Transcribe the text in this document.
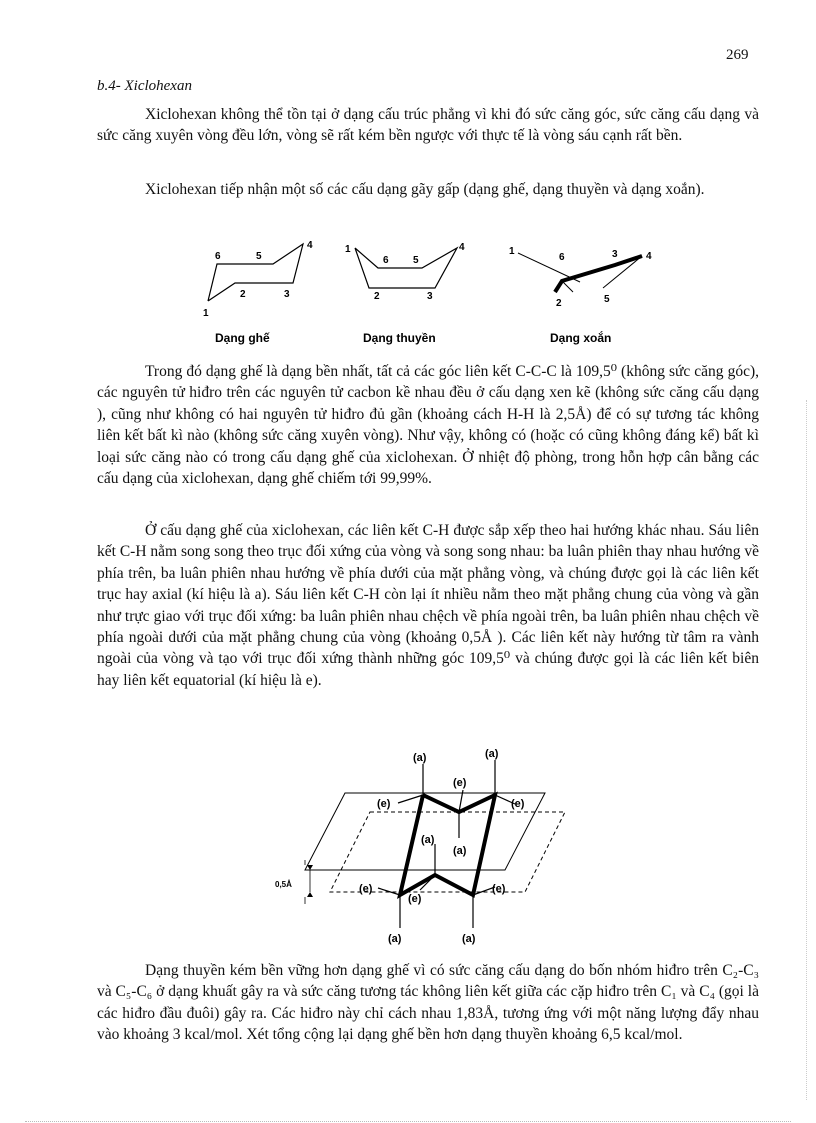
269
b.4- Xiclohexan

Xiclohexan không thể tồn tại ở dạng cấu trúc phẳng vì khi đó sức căng góc, sức căng cấu dạng và sức căng xuyên vòng đều lớn, vòng sẽ rất kém bền ngược với thực tế là vòng sáu cạnh rất bền.

Xiclohexan tiếp nhận một số các cấu dạng gãy gấp (dạng ghế, dạng thuyền và dạng xoắn).

1
2	3
4
5
6
Dạng ghế
1
2	3
4
5
6
Dạng thuyền
1
2
3	4
5
6
Dạng xoắn

Trong đó dạng ghế là dạng bền nhất, tất cả các góc liên kết C-C-C là 109,5⁰ (không sức căng góc), các nguyên tử hiđro trên các nguyên tử cacbon kề nhau đều ở cấu dạng xen kẽ (không sức căng cấu dạng ), cũng như không có hai nguyên tử hiđro đủ gần (khoảng cách H-H là 2,5Å) để có sự tương tác không liên kết bất kì nào (không sức căng xuyên vòng). Như vậy, không có (hoặc có cũng không đáng kể) bất kì loại sức căng nào có trong cấu dạng ghế của xiclohexan. Ở nhiệt độ phòng, trong hỗn hợp cân bằng các cấu dạng của xiclohexan, dạng ghế chiếm tới 99,99%.

Ở cấu dạng ghế của xiclohexan, các liên kết C-H được sắp xếp theo hai hướng khác nhau. Sáu liên kết C-H nằm song song theo trục đối xứng của vòng và song song nhau: ba luân phiên thay nhau hướng về phía trên, ba luân phiên nhau hướng về phía dưới của mặt phẳng vòng, và chúng được gọi là các liên kết trục hay axial (kí hiệu là a). Sáu liên kết C-H còn lại ít nhiều nằm theo mặt phẳng chung của vòng và gần như trực giao với trục đối xứng: ba luân phiên nhau chệch về phía ngoài trên, ba luân phiên nhau chệch về phía ngoài dưới của mặt phẳng chung của vòng (khoảng 0,5Å ). Các liên kết này hướng từ tâm ra vành ngoài của vòng và tạo với trục đối xứng thành những góc 109,5⁰ và chúng được gọi là các liên kết biên hay liên kết equatorial (kí hiệu là e).

(a)	(a)
(a)
(a)
(a)	(a)
(e)	(e)
(e)
(e)	(e)
(e)
0,5Å

Dạng thuyền kém bền vững hơn dạng ghế vì có sức căng cấu dạng do bốn nhóm hiđro trên C₂-C₃ và C₅-C₆ ở dạng khuất gây ra và sức căng tương tác không liên kết giữa các cặp hiđro trên C₁ và C₄ (gọi là các hiđro đầu đuôi) gây ra. Các hiđro này chỉ cách nhau 1,83Å, tương ứng với một năng lượng đẩy nhau vào khoảng 3 kcal/mol. Xét tổng cộng lại dạng ghế bền hơn dạng thuyền khoảng 6,5 kcal/mol.
